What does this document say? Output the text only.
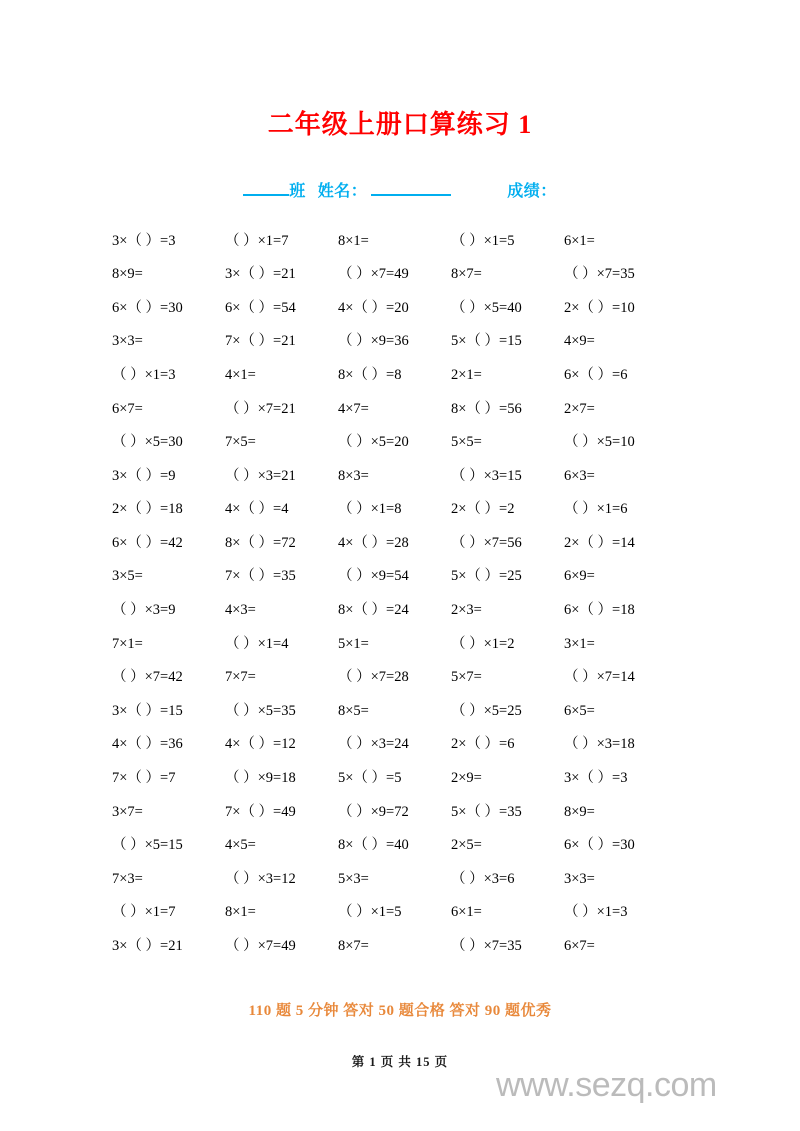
二年级上册口算练习 1
班 姓名：	成绩：
3×（ ）=3	（ ）×1=7	8×1=	（ ）×1=5	6×1=
8×9=	3×（ ）=21	（ ）×7=49	8×7=	（ ）×7=35
6×（ ）=30	6×（ ）=54	4×（ ）=20	（ ）×5=40	2×（ ）=10
3×3=	7×（ ）=21	（ ）×9=36	5×（ ）=15	4×9=
（ ）×1=3	4×1=	8×（ ）=8	2×1=	6×（ ）=6
6×7=	（ ）×7=21	4×7=	8×（ ）=56	2×7=
（ ）×5=30	7×5=	（ ）×5=20	5×5=	（ ）×5=10
3×（ ）=9	（ ）×3=21	8×3=	（ ）×3=15	6×3=
2×（ ）=18	4×（ ）=4	（ ）×1=8	2×（ ）=2	（ ）×1=6
6×（ ）=42	8×（ ）=72	4×（ ）=28	（ ）×7=56	2×（ ）=14
3×5=	7×（ ）=35	（ ）×9=54	5×（ ）=25	6×9=
（ ）×3=9	4×3=	8×（ ）=24	2×3=	6×（ ）=18
7×1=	（ ）×1=4	5×1=	（ ）×1=2	3×1=
（ ）×7=42	7×7=	（ ）×7=28	5×7=	（ ）×7=14
3×（ ）=15	（ ）×5=35	8×5=	（ ）×5=25	6×5=
4×（ ）=36	4×（ ）=12	（ ）×3=24	2×（ ）=6	（ ）×3=18
7×（ ）=7	（ ）×9=18	5×（ ）=5	2×9=	3×（ ）=3
3×7=	7×（ ）=49	（ ）×9=72	5×（ ）=35	8×9=
（ ）×5=15	4×5=	8×（ ）=40	2×5=	6×（ ）=30
7×3=	（ ）×3=12	5×3=	（ ）×3=6	3×3=
（ ）×1=7	8×1=	（ ）×1=5	6×1=	（ ）×1=3
3×（ ）=21	（ ）×7=49	8×7=	（ ）×7=35	6×7=
110 题 5 分钟 答对 50 题合格 答对 90 题优秀
第 1 页 共 15 页
www.sezq.com
